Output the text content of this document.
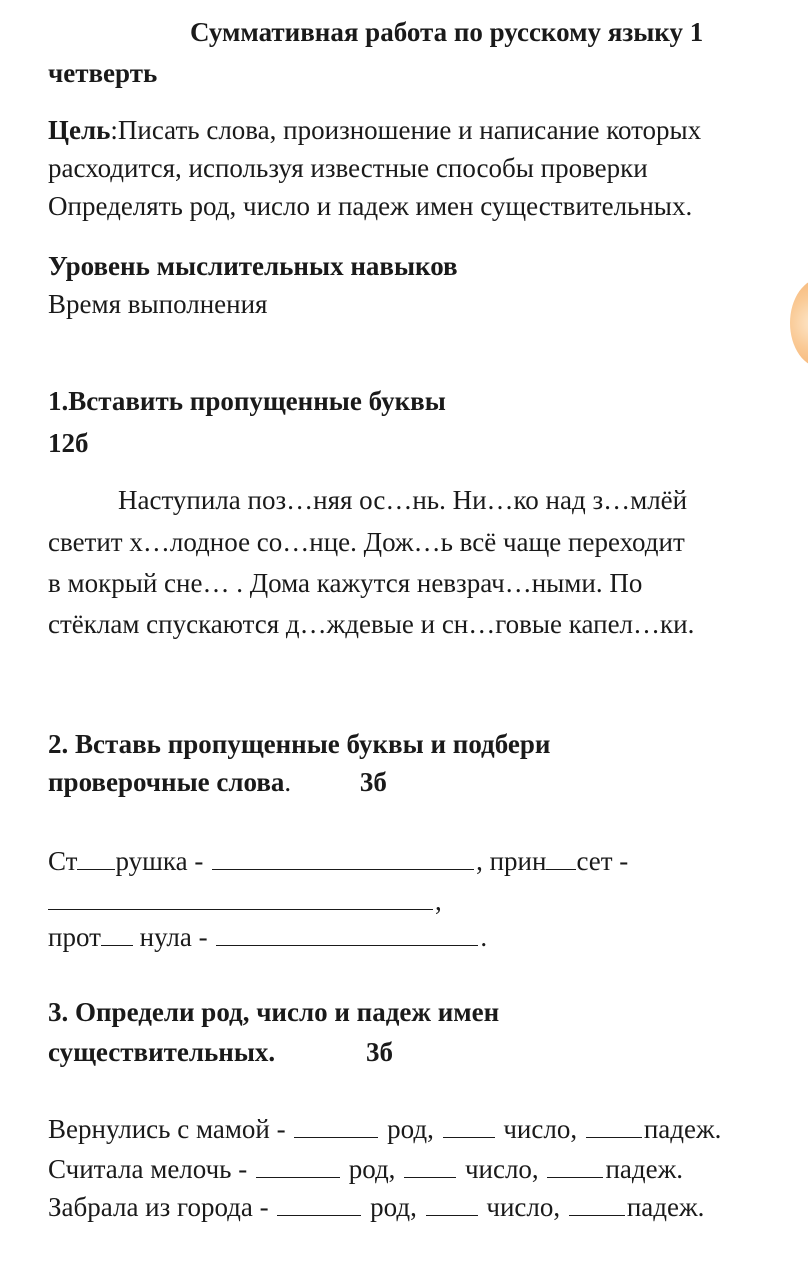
Суммативная работа по русскому языку 1
четверть
Цель:Писать слова, произношение и написание которых
расходится, используя известные способы проверки
Определять род, число и падеж имен существительных.
Уровень мыслительных навыков
Время выполнения
1.Вставить пропущенные буквы
12б
Наступила поз…няя ос…нь. Ни…ко над з…млёй
светит х…лодное со…нце. Дож…ь всё чаще переходит
в мокрый сне… . Дома кажутся невзрач…ными. По
стёклам спускаются д…ждевые и сн…говые капел…ки.
2. Вставь пропущенные буквы и подбери
проверочные слова.	3б
Ст рушка -	, прин сет -
,
прот нула -	.
3. Определи род, число и падеж имен
существительных.	3б
Вернулись с мамой -	род,	число, падеж.
Считала мелочь -	род,	число, падеж.
Забрала из города -	род,	число, падеж.
